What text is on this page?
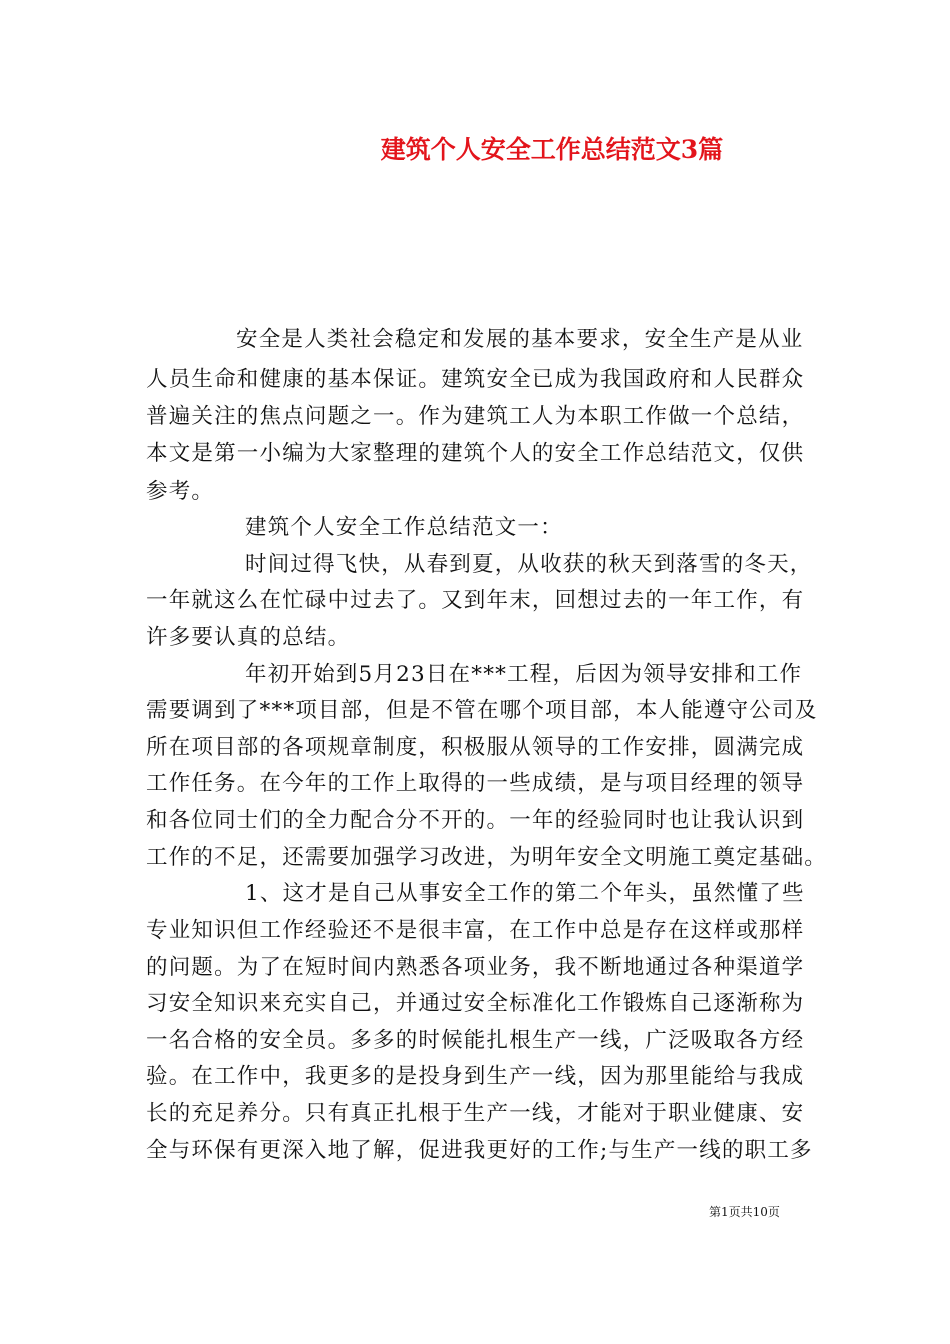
建筑个人安全工作总结范文3篇
安全是人类社会稳定和发展的基本要求，安全生产是从业
人员生命和健康的基本保证。建筑安全已成为我国政府和人民群众
普遍关注的焦点问题之一。作为建筑工人为本职工作做一个总结，
本文是第一小编为大家整理的建筑个人的安全工作总结范文，仅供
参考。
建筑个人安全工作总结范文一：
时间过得飞快，从春到夏，从收获的秋天到落雪的冬天，
一年就这么在忙碌中过去了。又到年末，回想过去的一年工作，有
许多要认真的总结。
年初开始到5月23日在***工程，后因为领导安排和工作
需要调到了***项目部，但是不管在哪个项目部，本人能遵守公司及
所在项目部的各项规章制度，积极服从领导的工作安排，圆满完成
工作任务。在今年的工作上取得的一些成绩，是与项目经理的领导
和各位同士们的全力配合分不开的。一年的经验同时也让我认识到
工作的不足，还需要加强学习改进，为明年安全文明施工奠定基础。
1、这才是自己从事安全工作的第二个年头，虽然懂了些
专业知识但工作经验还不是很丰富，在工作中总是存在这样或那样
的问题。为了在短时间内熟悉各项业务，我不断地通过各种渠道学
习安全知识来充实自己，并通过安全标准化工作锻炼自己逐渐称为
一名合格的安全员。多多的时候能扎根生产一线，广泛吸取各方经
验。在工作中，我更多的是投身到生产一线，因为那里能给与我成
长的充足养分。只有真正扎根于生产一线，才能对于职业健康、安
全与环保有更深入地了解，促进我更好的工作;与生产一线的职工多
第1页共10页
